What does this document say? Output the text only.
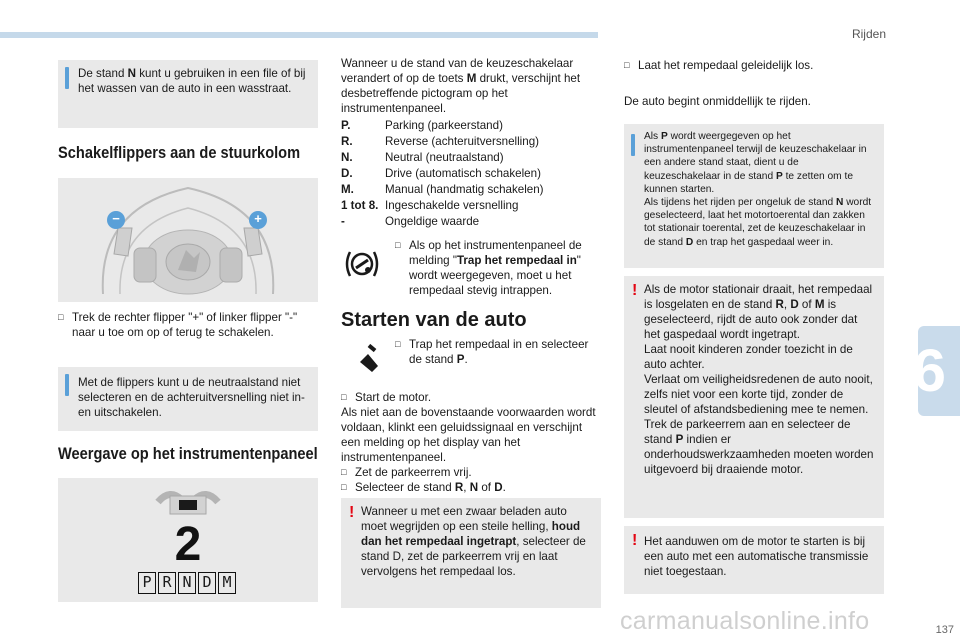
Rijden
6
137
carmanualsonline.info
De stand N kunt u gebruiken in een file of bij het wassen van de auto in een wasstraat.
Schakelflippers aan de stuurkolom
−	+
□ Trek de rechter flipper "+" of linker flipper "-"
naar u toe om op of terug te schakelen.
Met de flippers kunt u de neutraalstand niet selecteren en de achteruitversnelling niet in- en uitschakelen.
Weergave op het instrumentenpaneel
2
P R N D M
Wanneer u de stand van de keuzeschakelaar verandert of op de toets M drukt, verschijnt het desbetreffende pictogram op het instrumentenpaneel.
P.	Parking (parkeerstand)
R.	Reverse (achteruitversnelling)
N.	Neutral (neutraalstand)
D.	Drive (automatisch schakelen)
M.	Manual (handmatig schakelen)
1 tot 8. Ingeschakelde versnelling
-	Ongeldige waarde
□ Als op het instrumentenpaneel de melding "Trap het rempedaal in" wordt weergegeven, moet u het rempedaal stevig intrappen.
Starten van de auto
□ Trap het rempedaal in en selecteer de stand P.
□ Start de motor.
Als niet aan de bovenstaande voorwaarden wordt voldaan, klinkt een geluidssignaal en verschijnt een melding op het display van het instrumentenpaneel.
□ Zet de parkeerrem vrij.
□ Selecteer de stand R, N of D.
! Wanneer u met een zwaar beladen auto moet wegrijden op een steile helling, houd dan het rempedaal ingetrapt, selecteer de stand D, zet de parkeerrem vrij en laat vervolgens het rempedaal los.
□ Laat het rempedaal geleidelijk los.
De auto begint onmiddellijk te rijden.
Als P wordt weergegeven op het instrumentenpaneel terwijl de keuzeschakelaar in een andere stand staat, dient u de keuzeschakelaar in de stand P te zetten om te kunnen starten.
Als tijdens het rijden per ongeluk de stand N wordt geselecteerd, laat het motortoerental dan zakken tot stationair toerental, zet de keuzeschakelaar in de stand D en trap het gaspedaal weer in.
! Als de motor stationair draait, het rempedaal is losgelaten en de stand R, D of M is geselecteerd, rijdt de auto ook zonder dat het gaspedaal wordt ingetrapt.
Laat nooit kinderen zonder toezicht in de auto achter.
Verlaat om veiligheidsredenen de auto nooit, zelfs niet voor een korte tijd, zonder de sleutel of afstandsbediening mee te nemen.
Trek de parkeerrem aan en selecteer de stand P indien er onderhoudswerkzaamheden moeten worden uitgevoerd bij draaiende motor.
! Het aanduwen om de motor te starten is bij een auto met een automatische transmissie niet toegestaan.
